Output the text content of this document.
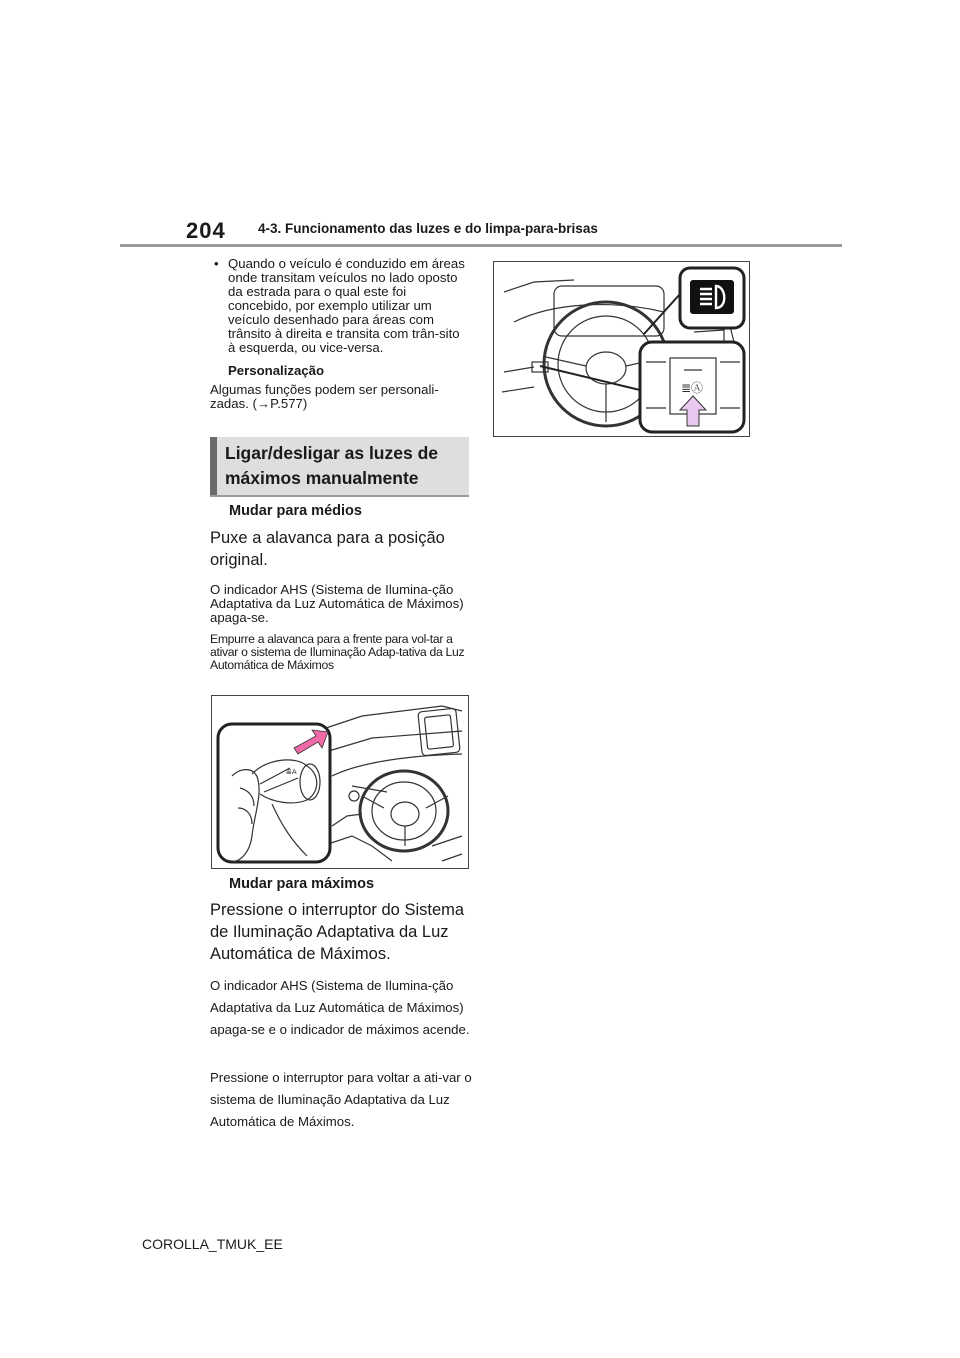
204 4-3. Funcionamento das luzes e do limpa-para-brisas
• Quando o veículo é conduzido em áreas onde transitam veículos no lado oposto da estrada para o qual este foi concebido, por exemplo utilizar um veículo desenhado para áreas com trânsito à direita e transita com trân-sito à esquerda, ou vice-versa.
Personalização
Algumas funções podem ser personali-zadas. (→P.577)
Ligar/desligar as luzes de máximos manualmente
Mudar para médios
Puxe a alavanca para a posição original.
O indicador AHS (Sistema de Ilumina-ção Adaptativa da Luz Automática de Máximos) apaga-se.
Empurre a alavanca para a frente para vol-tar a ativar o sistema de Iluminação Adap-tativa da Luz Automática de Máximos
≣A
Mudar para máximos
Pressione o interruptor do Sistema de Iluminação Adaptativa da Luz Automática de Máximos.
O indicador AHS (Sistema de Ilumina-ção Adaptativa da Luz Automática de Máximos) apaga-se e o indicador de máximos acende.
Pressione o interruptor para voltar a ati-var o sistema de Iluminação Adaptativa da Luz Automática de Máximos.
≣Ⓐ
COROLLA_TMUK_EE
